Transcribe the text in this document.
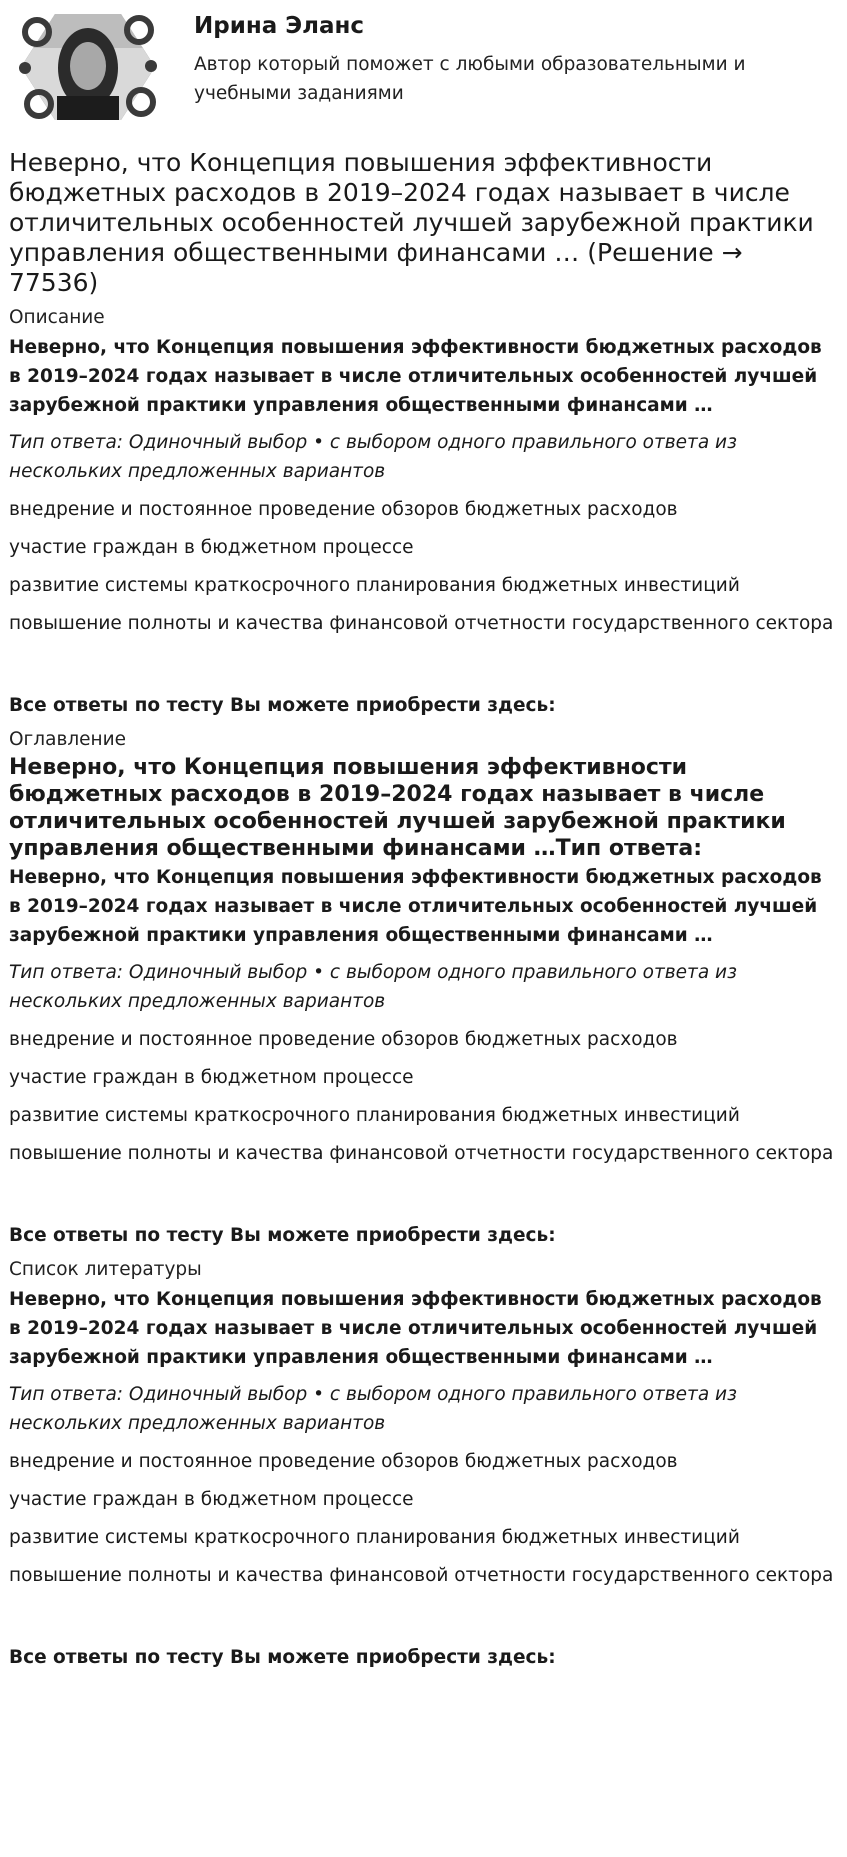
Ирина Эланс
Автор который поможет с любыми образовательными и учебными заданиями
Неверно, что Концепция повышения эффективности бюджетных расходов в 2019–2024 годах называет в числе отличительных особенностей лучшей зарубежной практики управления общественными финансами … (Решение → 77536)
Описание
Неверно, что Концепция повышения эффективности бюджетных расходов в 2019–2024 годах называет в числе отличительных особенностей лучшей зарубежной практики управления общественными финансами …
Тип ответа: Одиночный выбор • с выбором одного правильного ответа из нескольких предложенных вариантов
внедрение и постоянное проведение обзоров бюджетных расходов
участие граждан в бюджетном процессе
развитие системы краткосрочного планирования бюджетных инвестиций
повышение полноты и качества финансовой отчетности государственного сектора
Все ответы по тесту Вы можете приобрести здесь:
Оглавление
Неверно, что Концепция повышения эффективности бюджетных расходов в 2019–2024 годах называет в числе отличительных особенностей лучшей зарубежной практики управления общественными финансами …Тип ответа:
Неверно, что Концепция повышения эффективности бюджетных расходов в 2019–2024 годах называет в числе отличительных особенностей лучшей зарубежной практики управления общественными финансами …
Тип ответа: Одиночный выбор • с выбором одного правильного ответа из нескольких предложенных вариантов
внедрение и постоянное проведение обзоров бюджетных расходов
участие граждан в бюджетном процессе
развитие системы краткосрочного планирования бюджетных инвестиций
повышение полноты и качества финансовой отчетности государственного сектора
Все ответы по тесту Вы можете приобрести здесь:
Список литературы
Неверно, что Концепция повышения эффективности бюджетных расходов в 2019–2024 годах называет в числе отличительных особенностей лучшей зарубежной практики управления общественными финансами …
Тип ответа: Одиночный выбор • с выбором одного правильного ответа из нескольких предложенных вариантов
внедрение и постоянное проведение обзоров бюджетных расходов
участие граждан в бюджетном процессе
развитие системы краткосрочного планирования бюджетных инвестиций
повышение полноты и качества финансовой отчетности государственного сектора
Все ответы по тесту Вы можете приобрести здесь:
